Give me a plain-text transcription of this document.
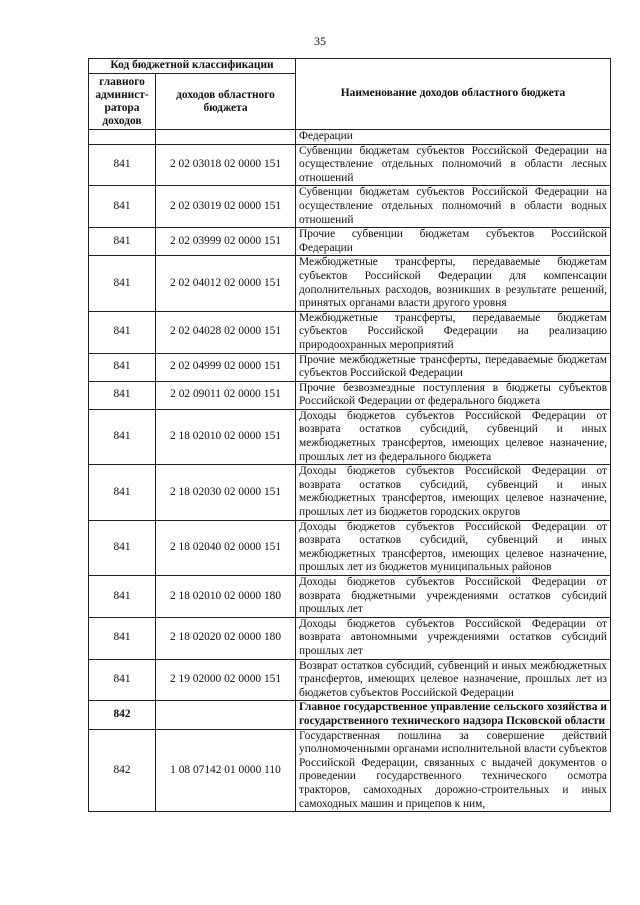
35
Код бюджетной классификации		Наименование доходов областного бюджета
главного админист-ратора доходов	доходов областного бюджета	
		Федерации
841	2 02 03018 02 0000 151	Субвенции бюджетам субъектов Российской Федерации на осуществление отдельных полномочий в области лесных отношений
841	2 02 03019 02 0000 151	Субвенции бюджетам субъектов Российской Федерации на осуществление отдельных полномочий в области водных отношений
841	2 02 03999 02 0000 151	Прочие субвенции бюджетам субъектов Российской Федерации
841	2 02 04012 02 0000 151	Межбюджетные трансферты, передаваемые бюджетам субъектов Российской Федерации для компенсации дополнительных расходов, возникших в результате решений, принятых органами власти другого уровня
841	2 02 04028 02 0000 151	Межбюджетные трансферты, передаваемые бюджетам субъектов Российской Федерации на реализацию природоохранных мероприятий
841	2 02 04999 02 0000 151	Прочие межбюджетные трансферты, передаваемые бюджетам субъектов Российской Федерации
841	2 02 09011 02 0000 151	Прочие безвозмездные поступления в бюджеты субъектов Российской Федерации от федерального бюджета
841	2 18 02010 02 0000 151	Доходы бюджетов субъектов Российской Федерации от возврата остатков субсидий, субвенций и иных межбюджетных трансфертов, имеющих целевое назначение, прошлых лет из федерального бюджета
841	2 18 02030 02 0000 151	Доходы бюджетов субъектов Российской Федерации от возврата остатков субсидий, субвенций и иных межбюджетных трансфертов, имеющих целевое назначение, прошлых лет из бюджетов городских округов
841	2 18 02040 02 0000 151	Доходы бюджетов субъектов Российской Федерации от возврата остатков субсидий, субвенций и иных межбюджетных трансфертов, имеющих целевое назначение, прошлых лет из бюджетов муниципальных районов
841	2 18 02010 02 0000 180	Доходы бюджетов субъектов Российской Федерации от возврата бюджетными учреждениями остатков субсидий прошлых лет
841	2 18 02020 02 0000 180	Доходы бюджетов субъектов Российской Федерации от возврата автономными учреждениями остатков субсидий прошлых лет
841	2 19 02000 02 0000 151	Возврат остатков субсидий, субвенций и иных межбюджетных трансфертов, имеющих целевое назначение, прошлых лет из бюджетов субъектов Российской Федерации
842		Главное государственное управление сельского хозяйства и государственного технического надзора Псковской области
842	1 08 07142 01 0000 110	Государственная пошлина за совершение действий уполномоченными органами исполнительной власти субъектов Российской Федерации, связанных с выдачей документов о проведении государственного технического осмотра тракторов, самоходных дорожно-строительных и иных самоходных машин и прицепов к ним,
